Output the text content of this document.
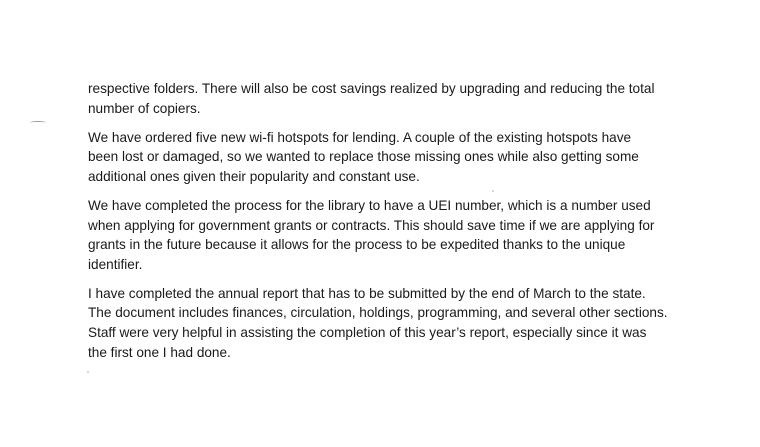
respective folders. There will also be cost savings realized by upgrading and reducing the total
number of copiers.

We have ordered five new wi-fi hotspots for lending. A couple of the existing hotspots have
been lost or damaged, so we wanted to replace those missing ones while also getting some
additional ones given their popularity and constant use.

We have completed the process for the library to have a UEI number, which is a number used
when applying for government grants or contracts. This should save time if we are applying for
grants in the future because it allows for the process to be expedited thanks to the unique
identifier.

I have completed the annual report that has to be submitted by the end of March to the state.
The document includes finances, circulation, holdings, programming, and several other sections.
Staff were very helpful in assisting the completion of this year’s report, especially since it was
the first one I had done.
